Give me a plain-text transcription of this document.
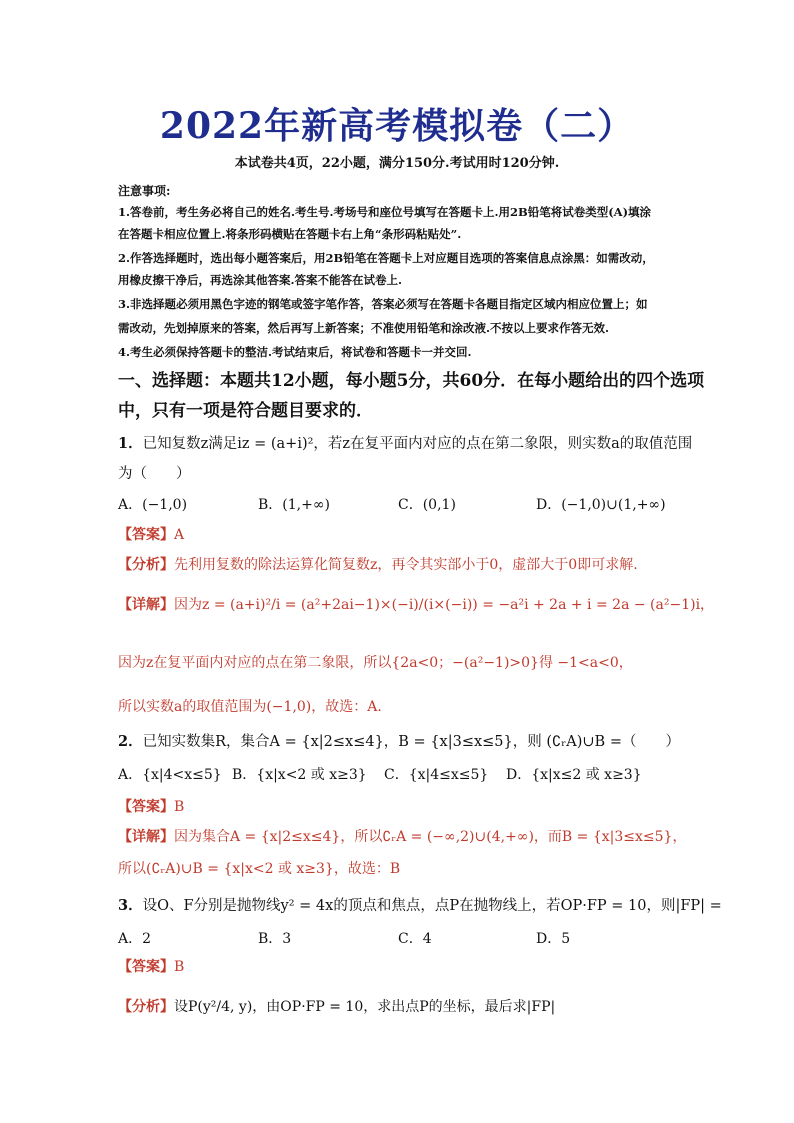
2022年新高考模拟卷（二）
本试卷共4页，22小题，满分150分.考试用时120分钟.
注意事项:
1.答卷前，考生务必将自己的姓名.考生号.考场号和座位号填写在答题卡上.用2B铅笔将试卷类型(A)填涂
在答题卡相应位置上.将条形码横贴在答题卡右上角“条形码粘贴处”.
2.作答选择题时，选出每小题答案后，用2B铅笔在答题卡上对应题目选项的答案信息点涂黑：如需改动，
用橡皮擦干净后，再选涂其他答案.答案不能答在试卷上.
3.非选择题必须用黑色字迹的钢笔或签字笔作答，答案必须写在答题卡各题目指定区域内相应位置上；如
需改动，先划掉原来的答案，然后再写上新答案；不准使用铅笔和涂改液.不按以上要求作答无效.
4.考生必须保持答题卡的整洁.考试结束后，将试卷和答题卡一并交回.
一、选择题：本题共12小题，每小题5分，共60分．在每小题给出的四个选项
中，只有一项是符合题目要求的．
1．已知复数z满足iz = (a+i)²，若z在复平面内对应的点在第二象限，则实数a的取值范围
为（　　）
A．(−1,0)	B．(1,+∞)	C．(0,1)	D．(−1,0)∪(1,+∞)
【答案】A
【分析】先利用复数的除法运算化简复数z，再令其实部小于0，虚部大于0即可求解.
【详解】因为z = (a+i)²/i = (a²+2ai−1)×(−i)/(i×(−i)) = −a²i + 2a + i = 2a − (a²−1)i，
因为z在复平面内对应的点在第二象限，所以{2a<0；−(a²−1)>0}得 −1<a<0，
所以实数a的取值范围为(−1,0)，故选：A.
2．已知实数集R，集合A = {x|2≤x≤4}，B = {x|3≤x≤5}，则 (∁ᵣA)∪B =（　　）
A．{x|4<x≤5} B．{x|x<2 或 x≥3} C．{x|4≤x≤5} D．{x|x≤2 或 x≥3}
【答案】B
【详解】因为集合A = {x|2≤x≤4}，所以∁ᵣA = (−∞,2)∪(4,+∞)，而B = {x|3≤x≤5}，
所以(∁ᵣA)∪B = {x|x<2 或 x≥3}，故选：B
3．设O、F分别是抛物线y² = 4x的顶点和焦点，点P在抛物线上，若OP·FP = 10，则|FP| =
A．2	B．3	C．4	D．5
【答案】B
【分析】设P(y²/4, y)，由OP·FP = 10，求出点P的坐标，最后求|FP|
